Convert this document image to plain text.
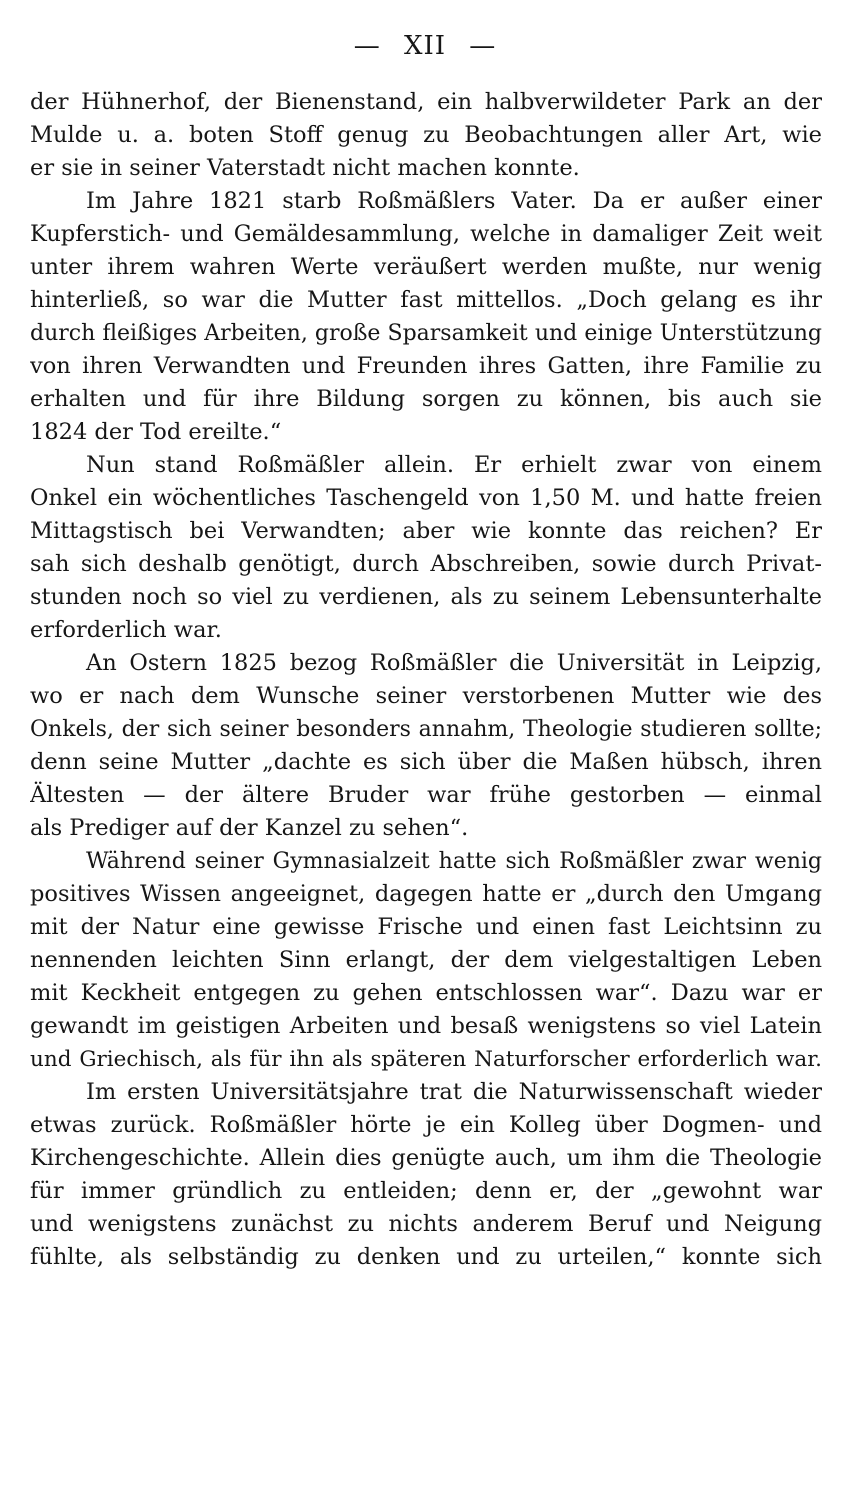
— XII —
der Hühnerhof, der Bienenstand, ein halbverwildeter Park an der
Mulde u. a. boten Stoff genug zu Beobachtungen aller Art, wie
er sie in seiner Vaterstadt nicht machen konnte.
Im Jahre 1821 starb Roßmäßlers Vater. Da er außer einer
Kupferstich- und Gemäldesammlung, welche in damaliger Zeit weit
unter ihrem wahren Werte veräußert werden mußte, nur wenig
hinterließ, so war die Mutter fast mittellos. „Doch gelang es ihr
durch fleißiges Arbeiten, große Sparsamkeit und einige Unterstützung
von ihren Verwandten und Freunden ihres Gatten, ihre Familie zu
erhalten und für ihre Bildung sorgen zu können, bis auch sie
1824 der Tod ereilte.“
Nun stand Roßmäßler allein. Er erhielt zwar von einem
Onkel ein wöchentliches Taschengeld von 1,50 M. und hatte freien
Mittagstisch bei Verwandten; aber wie konnte das reichen? Er
sah sich deshalb genötigt, durch Abschreiben, sowie durch Privat-
stunden noch so viel zu verdienen, als zu seinem Lebensunterhalte
erforderlich war.
An Ostern 1825 bezog Roßmäßler die Universität in Leipzig,
wo er nach dem Wunsche seiner verstorbenen Mutter wie des
Onkels, der sich seiner besonders annahm, Theologie studieren sollte;
denn seine Mutter „dachte es sich über die Maßen hübsch, ihren
Ältesten — der ältere Bruder war frühe gestorben — einmal
als Prediger auf der Kanzel zu sehen“.
Während seiner Gymnasialzeit hatte sich Roßmäßler zwar wenig
positives Wissen angeeignet, dagegen hatte er „durch den Umgang
mit der Natur eine gewisse Frische und einen fast Leichtsinn zu
nennenden leichten Sinn erlangt, der dem vielgestaltigen Leben
mit Keckheit entgegen zu gehen entschlossen war“. Dazu war er
gewandt im geistigen Arbeiten und besaß wenigstens so viel Latein
und Griechisch, als für ihn als späteren Naturforscher erforderlich war.
Im ersten Universitätsjahre trat die Naturwissenschaft wieder
etwas zurück. Roßmäßler hörte je ein Kolleg über Dogmen- und
Kirchengeschichte. Allein dies genügte auch, um ihm die Theologie
für immer gründlich zu entleiden; denn er, der „gewohnt war
und wenigstens zunächst zu nichts anderem Beruf und Neigung
fühlte, als selbständig zu denken und zu urteilen,“ konnte sich
